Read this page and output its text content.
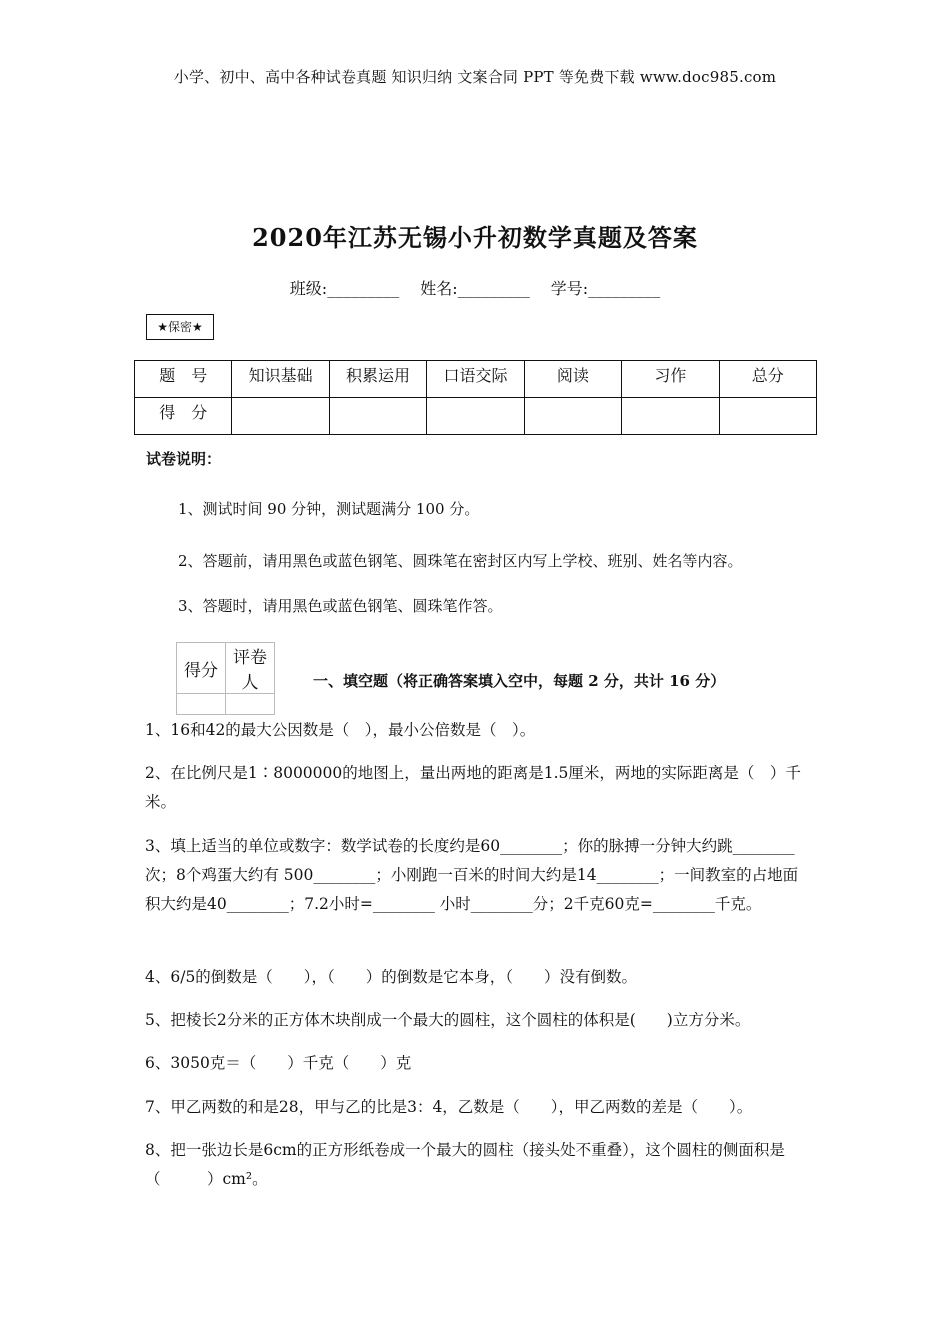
小学、初中、高中各种试卷真题 知识归纳 文案合同 PPT 等免费下载 www.doc985.com
2020年江苏无锡小升初数学真题及答案
班级:_________ 姓名:_________ 学号:_________
★保密★
题　号	知识基础	积累运用	口语交际	阅读	习作	总分
得　分						
试卷说明：
1、测试时间 90 分钟，测试题满分 100 分。
2、答题前，请用黑色或蓝色钢笔、圆珠笔在密封区内写上学校、班别、姓名等内容。
3、答题时，请用黑色或蓝色钢笔、圆珠笔作答。
得分	评卷人
		一、填空题（将正确答案填入空中，每题 2 分，共计 16 分）
1、16和42的最大公因数是（　），最小公倍数是（　）。
2、在比例尺是1∶8000000的地图上，量出两地的距离是1.5厘米，两地的实际距离是（　）千米。
3、填上适当的单位或数字：数学试卷的长度约是60________；你的脉搏一分钟大约跳________次；8个鸡蛋大约有 500________；小刚跑一百米的时间大约是14________；一间教室的占地面积大约是40________；7.2小时=________ 小时________分；2千克60克=________千克。
4、6/5的倒数是（　　），（　　）的倒数是它本身，（　　）没有倒数。
5、把棱长2分米的正方体木块削成一个最大的圆柱，这个圆柱的体积是(　　)立方分米。
6、3050克＝（　　）千克（　　）克
7、甲乙两数的和是28，甲与乙的比是3：4，乙数是（　　），甲乙两数的差是（　　）。
8、把一张边长是6cm的正方形纸卷成一个最大的圆柱（接头处不重叠），这个圆柱的侧面积是（　　　）cm²。
